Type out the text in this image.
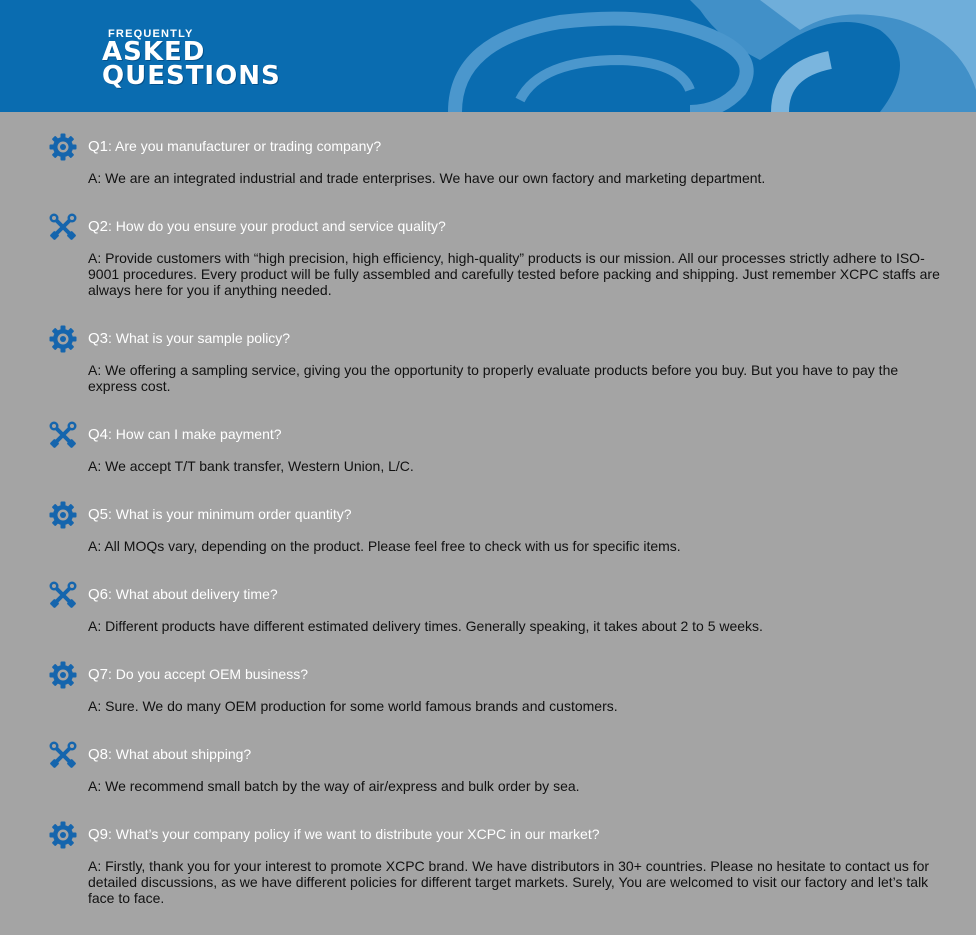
FREQUENTLY
ASKED
QUESTIONS
Q1: Are you manufacturer or trading company?
A: We are an integrated industrial and trade enterprises. We have our own factory and marketing department.
Q2: How do you ensure your product and service quality?
A: Provide customers with “high precision, high efficiency, high-quality” products is our mission. All our processes strictly adhere to ISO-9001 procedures. Every product will be fully assembled and carefully tested before packing and shipping. Just remember XCPC staffs are always here for you if anything needed.
Q3: What is your sample policy?
A: We offering a sampling service, giving you the opportunity to properly evaluate products before you buy. But you have to pay the express cost.
Q4: How can I make payment?
A: We accept T/T bank transfer, Western Union, L/C.
Q5: What is your minimum order quantity?
A: All MOQs vary, depending on the product. Please feel free to check with us for specific items.
Q6: What about delivery time?
A: Different products have different estimated delivery times. Generally speaking, it takes about 2 to 5 weeks.
Q7: Do you accept OEM business?
A: Sure. We do many OEM production for some world famous brands and customers.
Q8: What about shipping?
A: We recommend small batch by the way of air/express and bulk order by sea.
Q9: What’s your company policy if we want to distribute your XCPC in our market?
A: Firstly, thank you for your interest to promote XCPC brand. We have distributors in 30+ countries. Please no hesitate to contact us for detailed discussions, as we have different policies for different target markets. Surely, You are welcomed to visit our factory and let’s talk face to face.
